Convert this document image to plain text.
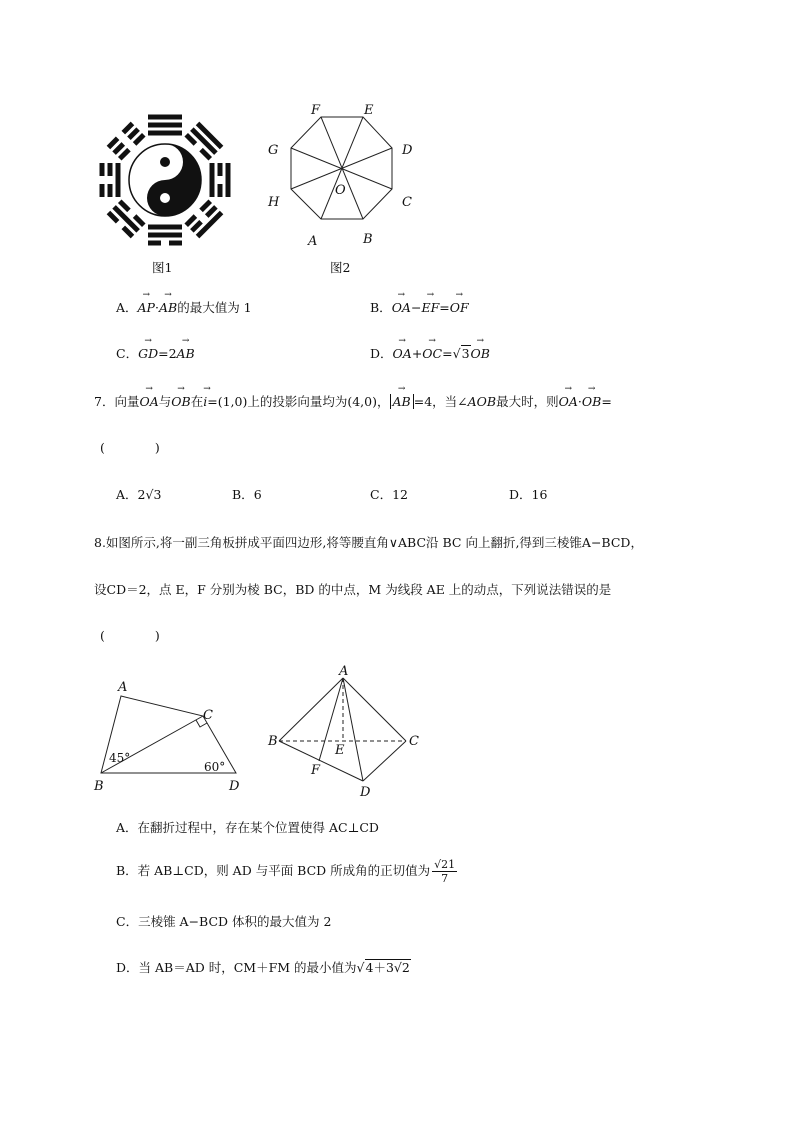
图1
F	E
D
C
B
A
H
G
O
图2
A．→ AP·→ AB的最大值为 1	B．→ OA−→ EF=→ OF
C．→ GD=2→ AB	D．→ OA+→ OC=√3→ OB
7．向量→ OA与→ OB在→ i=(1,0)上的投影向量均为(4,0)，→ AB =4，当∠AOB最大时，则→ OA·→ OB=
(　　　　)
A．2√3	B．6	C．12	D．16
8.如图所示,将一副三角板拼成平面四边形,将等腰直角∨ABC沿 BC 向上翻折,得到三棱锥A−BCD，
设CD＝2，点 E，F 分别为棱 BC，BD 的中点，M 为线段 AE 上的动点，下列说法错误的是
(　　　　)
A
C
B	D
45°
60°
A
B	C
D
E
F
A．在翻折过程中，存在某个位置使得 AC⊥CD
B．若 AB⊥CD，则 AD 与平面 BCD 所成角的正切值为 $\frac{√21}{7}$
C．三棱锥 A−BCD 体积的最大值为 2
D．当 AB＝AD 时，CM＋FM 的最小值为√4＋3√2
